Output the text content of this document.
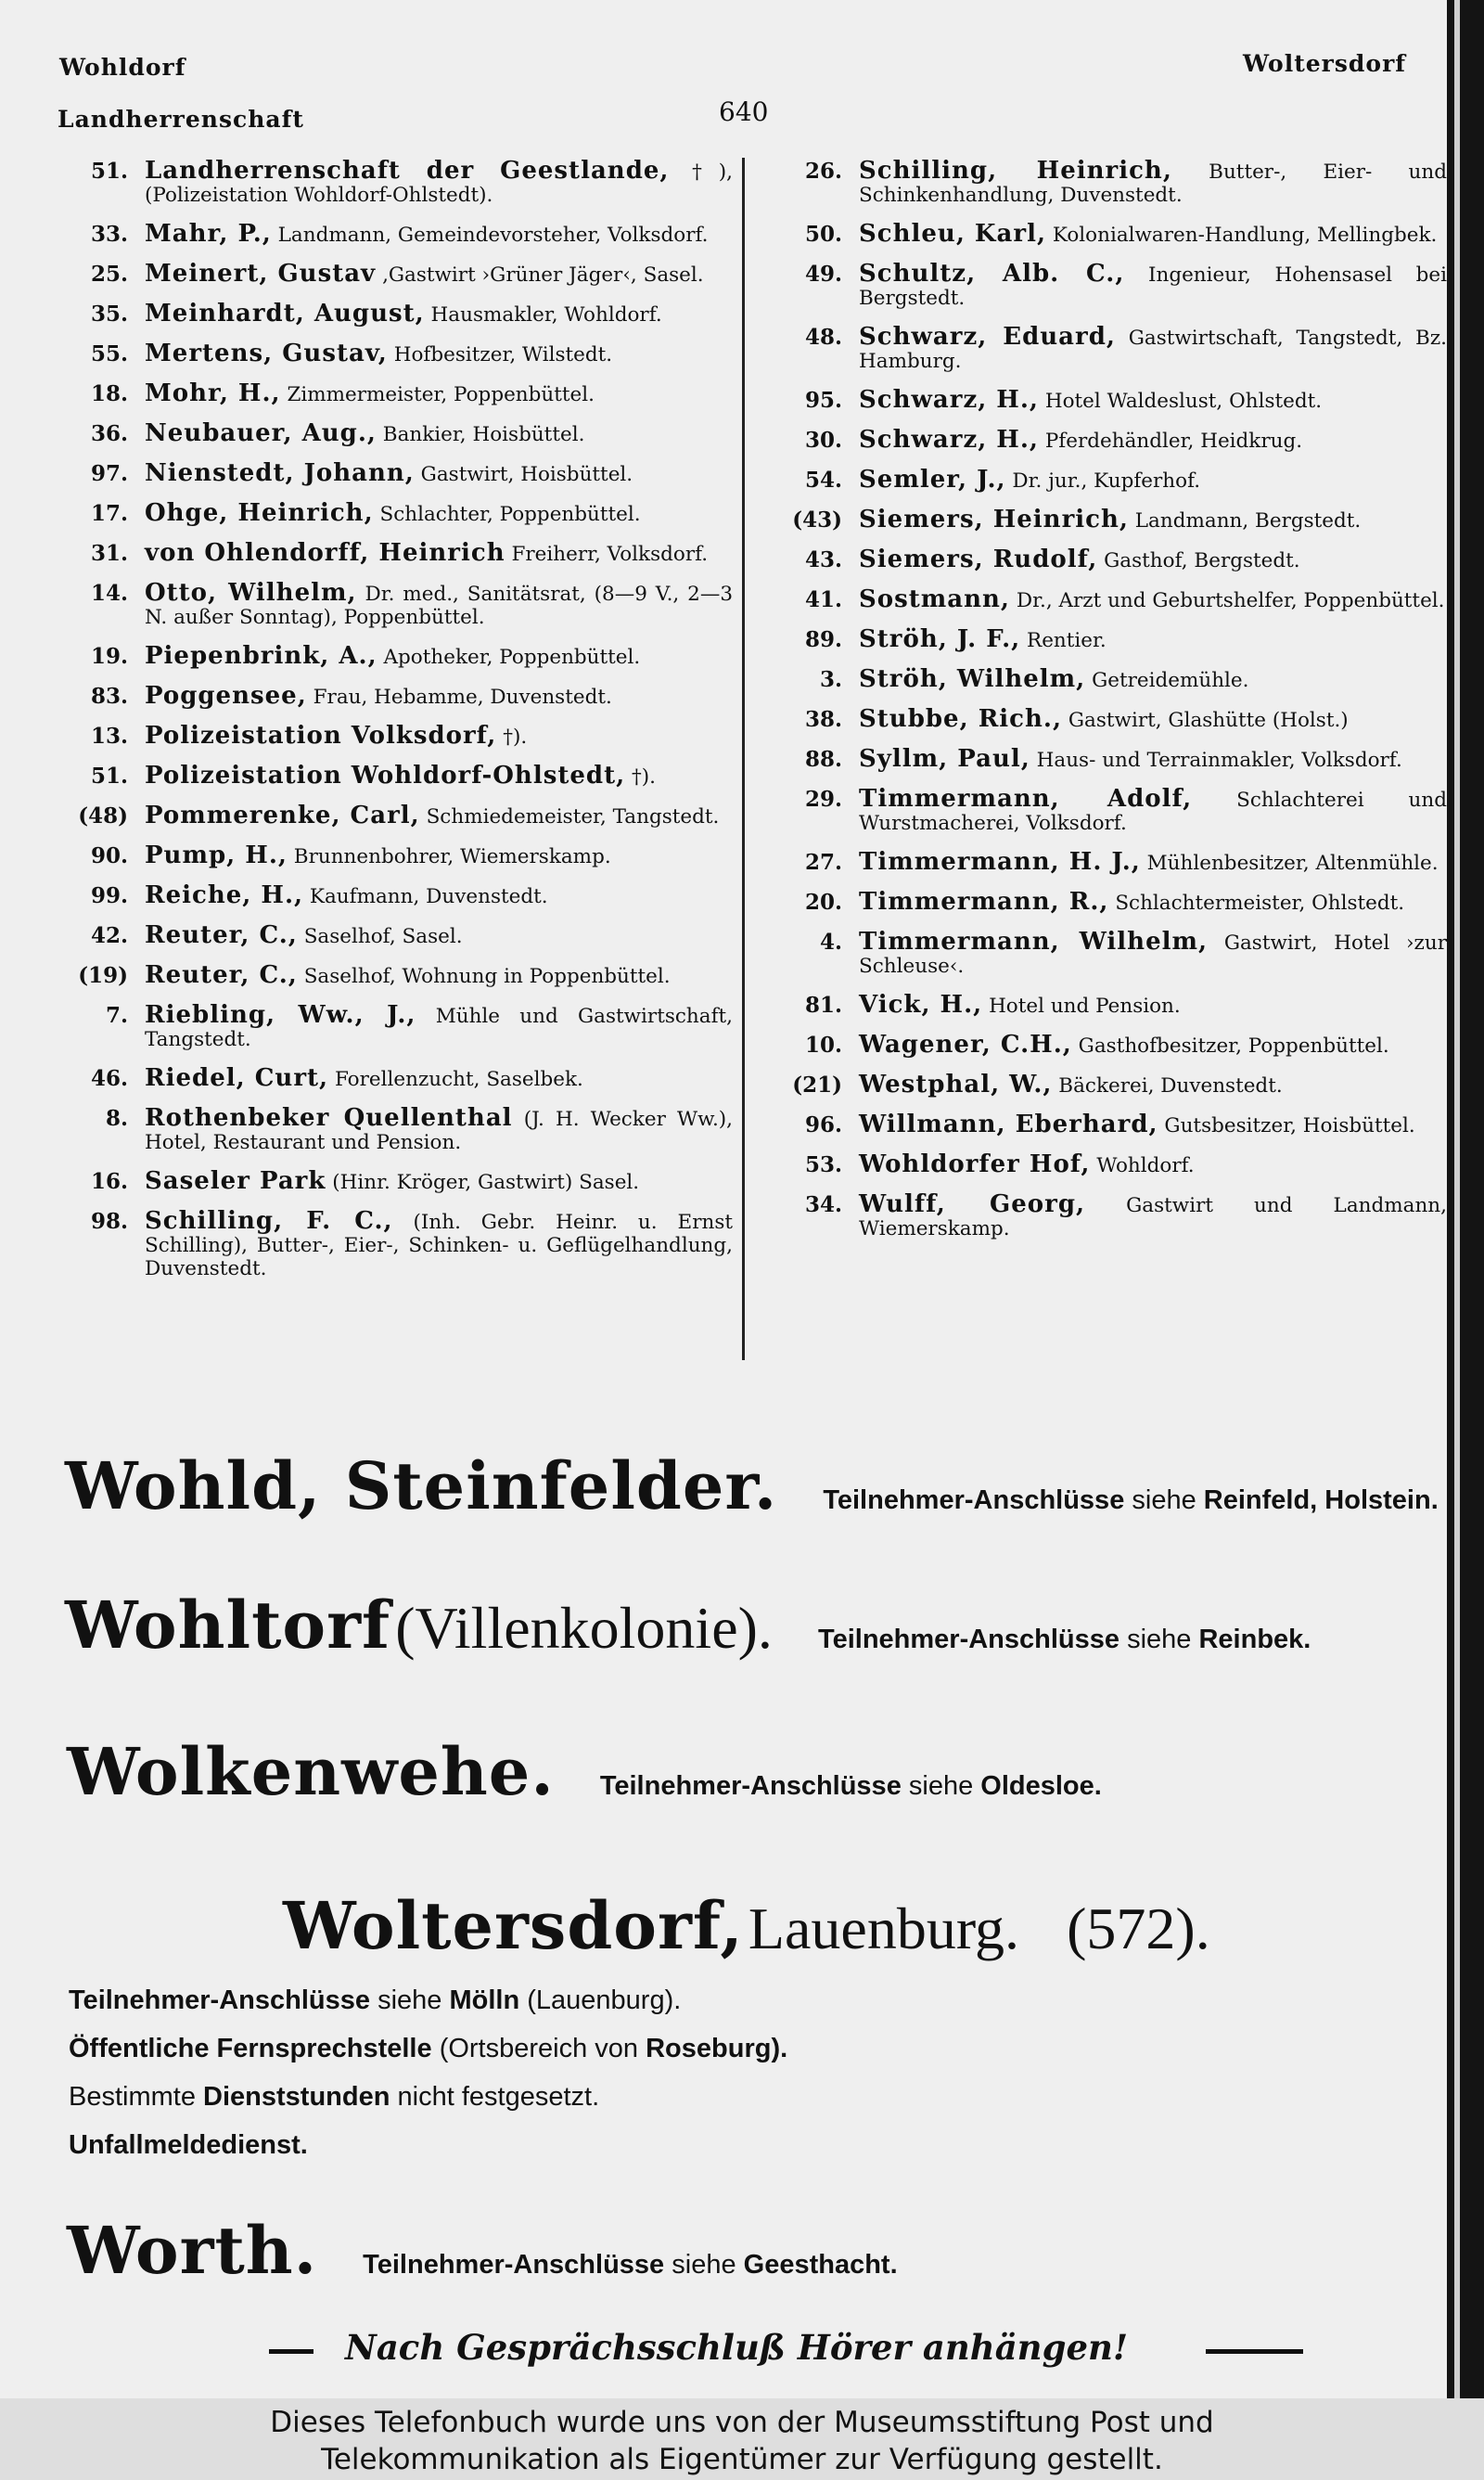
Wohldorf
Landherrenschaft	640
Woltersdorf
51. Landherrenschaft der Geestlande, †), (Polizeistation Wohldorf-Ohlstedt).
33. Mahr, P., Landmann, Gemeindevorsteher, Volksdorf.
25. Meinert, Gustav ‚Gastwirt ›Grüner Jäger‹, Sasel.
35. Meinhardt, August, Hausmakler, Wohldorf.
55. Mertens, Gustav, Hofbesitzer, Wilstedt.
18. Mohr, H., Zimmermeister, Poppenbüttel.
36. Neubauer, Aug., Bankier, Hoisbüttel.
97. Nienstedt, Johann, Gastwirt, Hoisbüttel.
17. Ohge, Heinrich, Schlachter, Poppenbüttel.
31. von Ohlendorff, Heinrich Freiherr, Volksdorf.
14. Otto, Wilhelm, Dr. med., Sanitätsrat, (8—9 V., 2—3 N. außer Sonntag), Poppenbüttel.
19. Piepenbrink, A., Apotheker, Poppenbüttel.
83. Poggensee, Frau, Hebamme, Duvenstedt.
13. Polizeistation Volksdorf, †).
51. Polizeistation Wohldorf-Ohlstedt, †).
(48) Pommerenke, Carl, Schmiedemeister, Tangstedt.
90. Pump, H., Brunnenbohrer, Wiemerskamp.
99. Reiche, H., Kaufmann, Duvenstedt.
42. Reuter, C., Saselhof, Sasel.
(19) Reuter, C., Saselhof, Wohnung in Poppenbüttel.
7. Riebling, Ww., J., Mühle und Gastwirtschaft, Tangstedt.
46. Riedel, Curt, Forellenzucht, Saselbek.
8. Rothenbeker Quellenthal (J. H. Wecker Ww.), Hotel, Restaurant und Pension.
16. Saseler Park (Hinr. Kröger, Gastwirt) Sasel.
98. Schilling, F. C., (Inh. Gebr. Heinr. u. Ernst Schilling), Butter-, Eier-, Schinken- u. Geflügelhandlung, Duvenstedt.
26. Schilling, Heinrich, Butter-, Eier- und Schinkenhandlung, Duvenstedt.
50. Schleu, Karl, Kolonialwaren-Handlung, Mellingbek.
49. Schultz, Alb. C., Ingenieur, Hohensasel bei Bergstedt.
48. Schwarz, Eduard, Gastwirtschaft, Tangstedt, Bz. Hamburg.
95. Schwarz, H., Hotel Waldeslust, Ohlstedt.
30. Schwarz, H., Pferdehändler, Heidkrug.
54. Semler, J., Dr. jur., Kupferhof.
(43) Siemers, Heinrich, Landmann, Bergstedt.
43. Siemers, Rudolf, Gasthof, Bergstedt.
41. Sostmann, Dr., Arzt und Geburtshelfer, Poppenbüttel.
89. Ströh, J. F., Rentier.
3. Ströh, Wilhelm, Getreidemühle.
38. Stubbe, Rich., Gastwirt, Glashütte (Holst.)
88. Syllm, Paul, Haus- und Terrainmakler, Volksdorf.
29. Timmermann, Adolf, Schlachterei und Wurstmacherei, Volksdorf.
27. Timmermann, H. J., Mühlenbesitzer, Altenmühle.
20. Timmermann, R., Schlachtermeister, Ohlstedt.
4. Timmermann, Wilhelm, Gastwirt, Hotel ›zur Schleuse‹.
81. Vick, H., Hotel und Pension.
10. Wagener, C.H., Gasthofbesitzer, Poppenbüttel.
(21) Westphal, W., Bäckerei, Duvenstedt.
96. Willmann, Eberhard, Gutsbesitzer, Hoisbüttel.
53. Wohldorfer Hof, Wohldorf.
34. Wulff, Georg, Gastwirt und Landmann, Wiemerskamp.
Wohld, Steinfelder. Teilnehmer-Anschlüsse siehe Reinfeld, Holstein.
Wohltorf (Villenkolonie). Teilnehmer-Anschlüsse siehe Reinbek.
Wolkenwehe. Teilnehmer-Anschlüsse siehe Oldesloe.
Woltersdorf, Lauenburg. (572).
Teilnehmer-Anschlüsse siehe Mölln (Lauenburg).
Öffentliche Fernsprechstelle (Ortsbereich von Roseburg).
Bestimmte Dienststunden nicht festgesetzt.
Unfallmeldedienst.
Worth. Teilnehmer-Anschlüsse siehe Geesthacht.
Nach Gesprächsschluß Hörer anhängen!
Dieses Telefonbuch wurde uns von der Museumsstiftung Post und
Telekommunikation als Eigentümer zur Verfügung gestellt.
